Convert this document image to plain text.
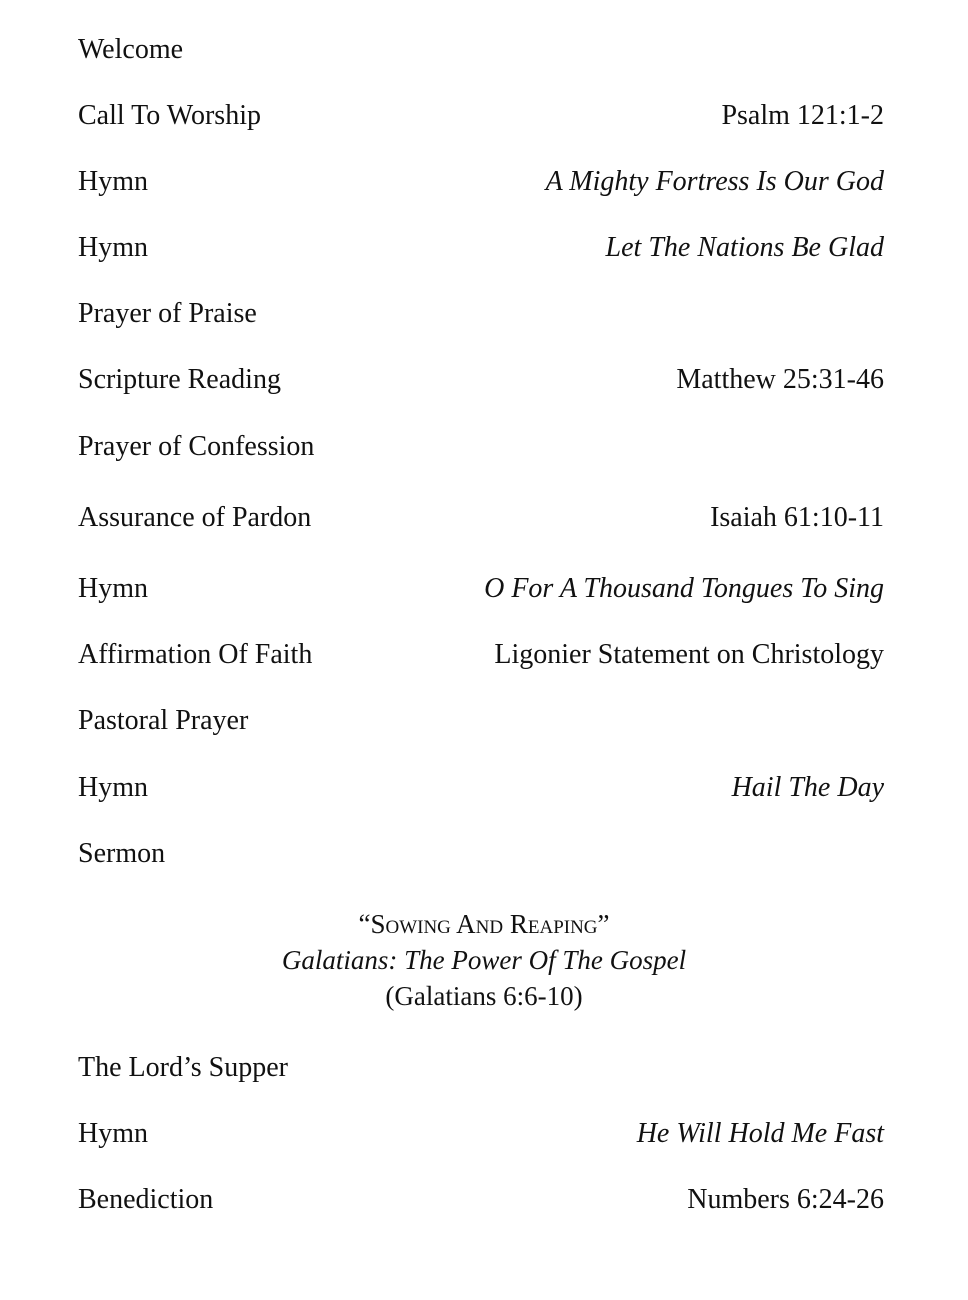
Welcome
Call To Worship	Psalm 121:1-2
Hymn	A Mighty Fortress Is Our God
Hymn	Let The Nations Be Glad
Prayer of Praise
Scripture Reading	Matthew 25:31-46
Prayer of Confession
Assurance of Pardon	Isaiah 61:10-11
Hymn	O For A Thousand Tongues To Sing
Affirmation Of Faith	Ligonier Statement on Christology
Pastoral Prayer
Hymn	Hail The Day
Sermon
“Sowing And Reaping”
Galatians: The Power Of The Gospel
(Galatians 6:6-10)
The Lord’s Supper
Hymn	He Will Hold Me Fast
Benediction	Numbers 6:24-26
